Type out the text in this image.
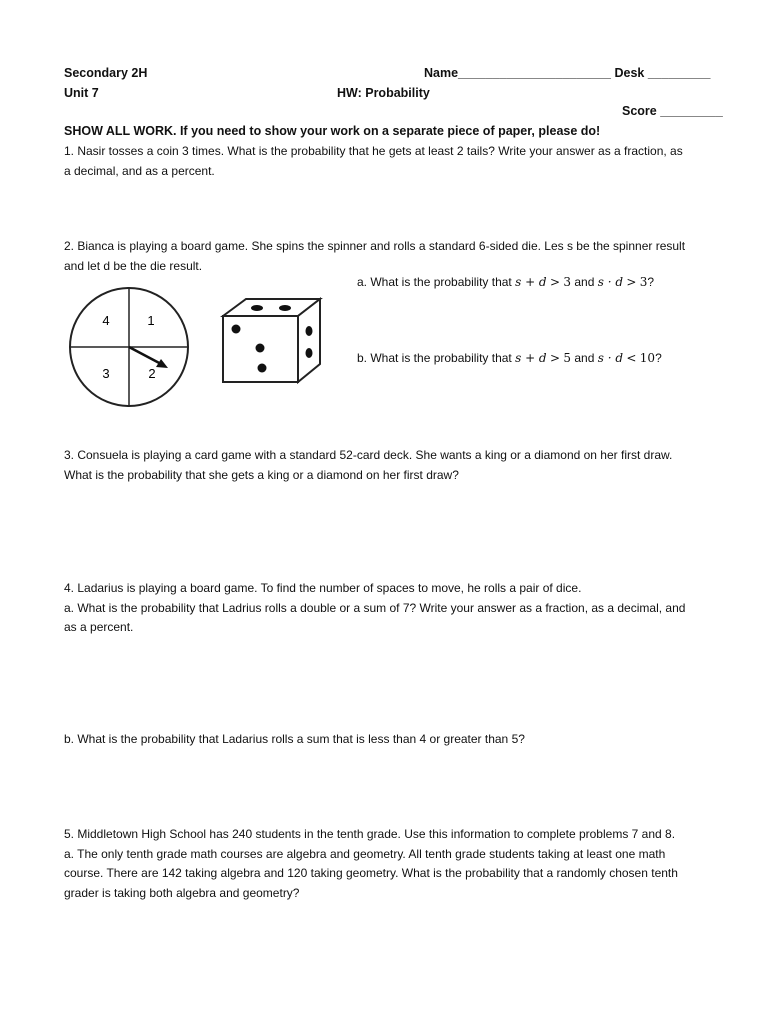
Secondary 2H
Unit 7
Name______________________ Desk _________
HW: Probability
Score _________
SHOW ALL WORK. If you need to show your work on a separate piece of paper, please do!
1. Nasir tosses a coin 3 times. What is the probability that he gets at least 2 tails? Write your answer as a fraction, as
a decimal, and as a percent.
2. Bianca is playing a board game. She spins the spinner and rolls a standard 6-sided die. Les s be the spinner result
and let d be the die result.
a. What is the probability that s + d > 3 and s · d > 3?
b. What is the probability that s + d > 5 and s · d < 10?
4	1
3	2
3. Consuela is playing a card game with a standard 52-card deck. She wants a king or a diamond on her first draw.
What is the probability that she gets a king or a diamond on her first draw?
4. Ladarius is playing a board game. To find the number of spaces to move, he rolls a pair of dice.
a. What is the probability that Ladrius rolls a double or a sum of 7? Write your answer as a fraction, as a decimal, and
as a percent.
b. What is the probability that Ladarius rolls a sum that is less than 4 or greater than 5?
5. Middletown High School has 240 students in the tenth grade. Use this information to complete problems 7 and 8.
a. The only tenth grade math courses are algebra and geometry. All tenth grade students taking at least one math
course. There are 142 taking algebra and 120 taking geometry. What is the probability that a randomly chosen tenth
grader is taking both algebra and geometry?
